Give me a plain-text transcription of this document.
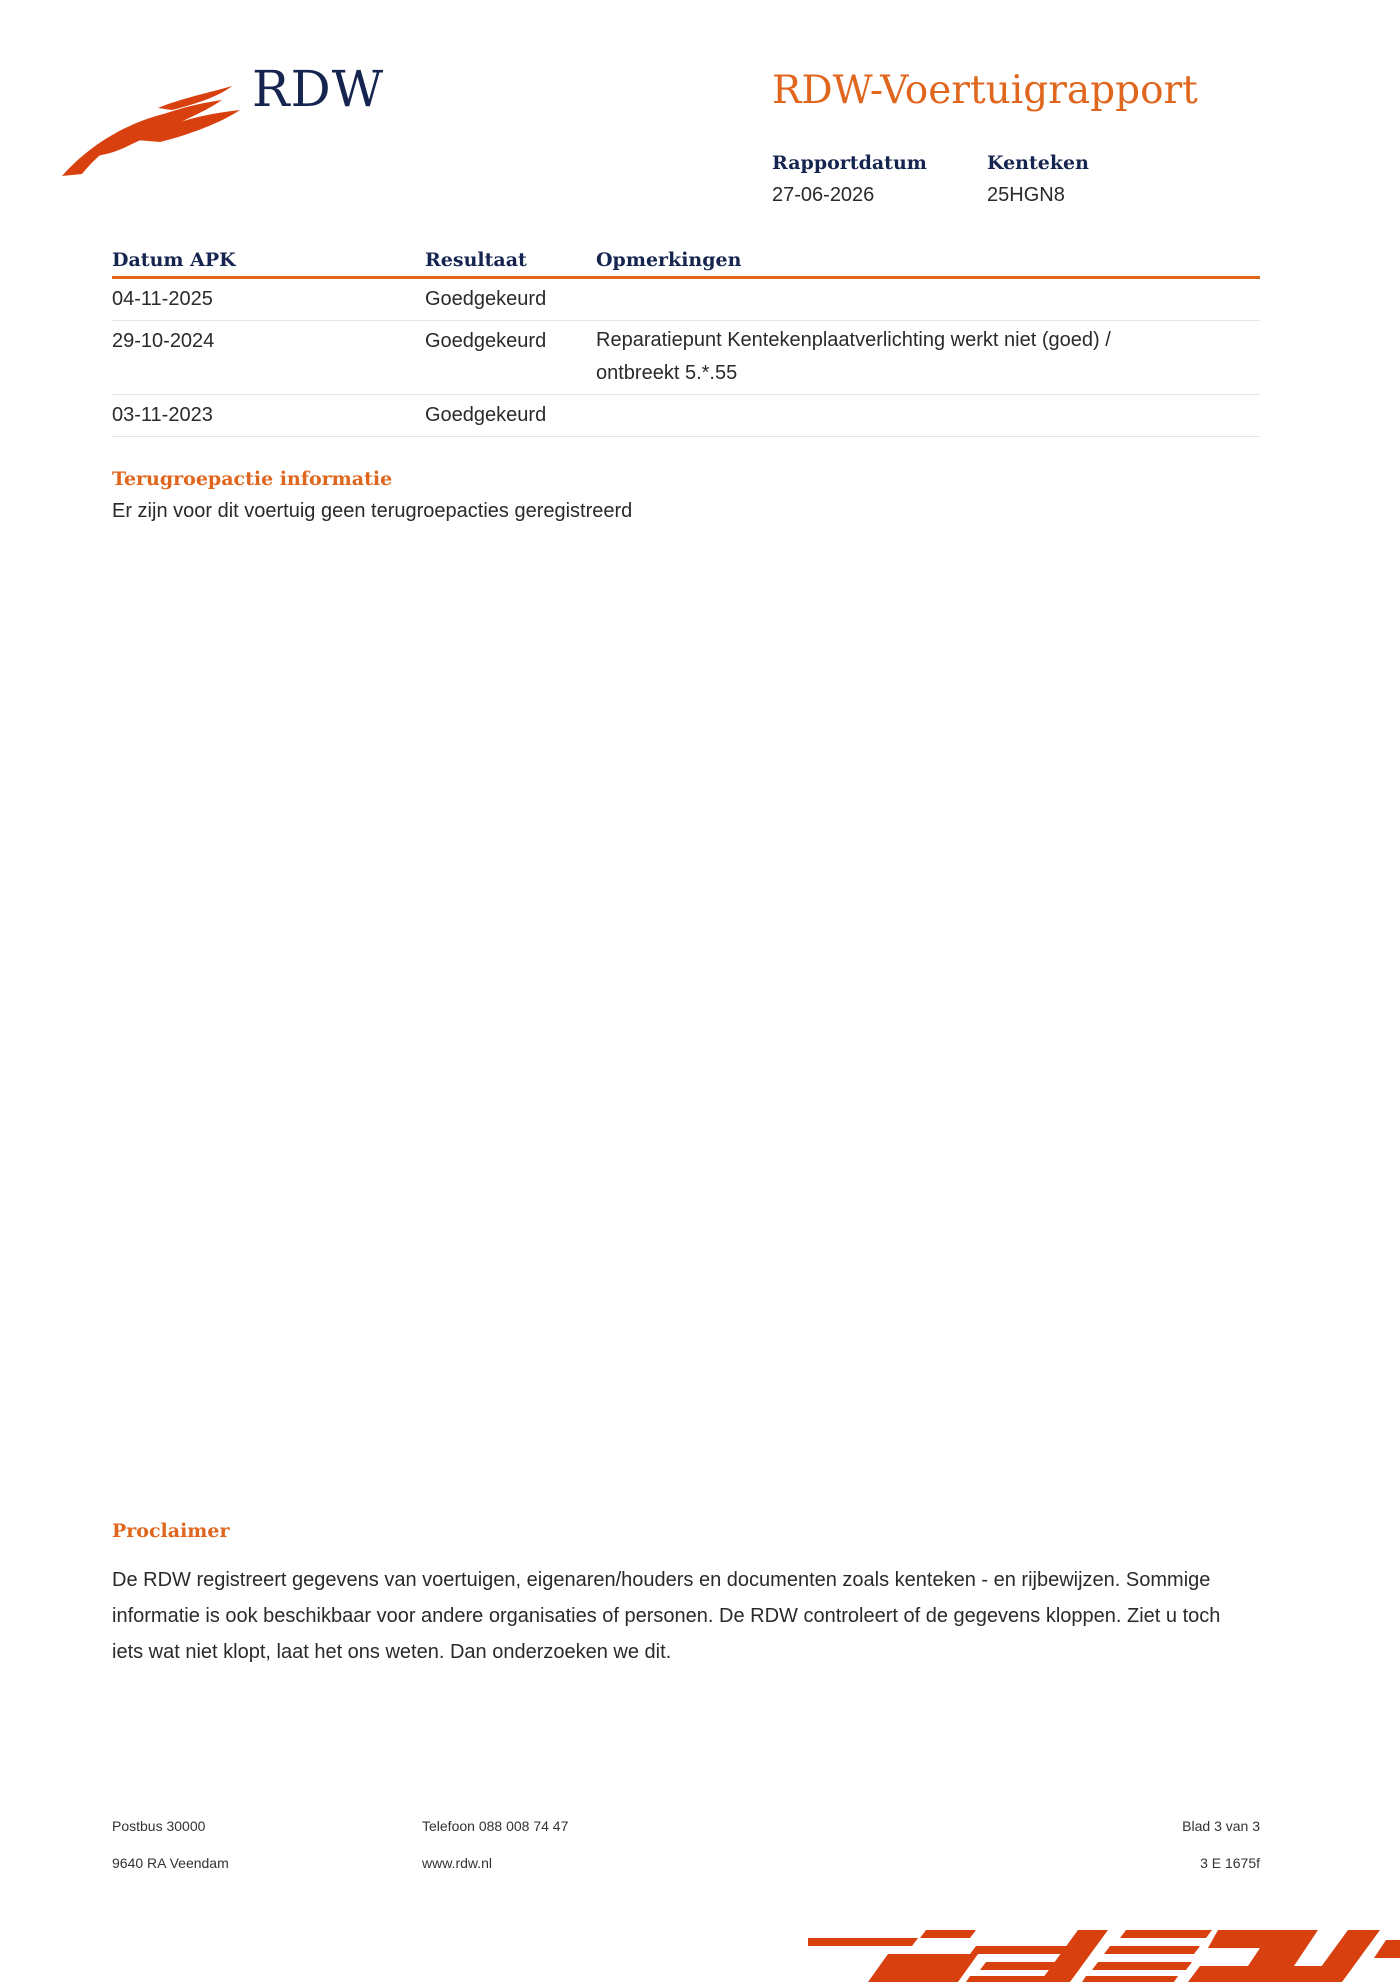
RDW	RDW-Voertuigrapport
Rapportdatum
27-06-2026
Kenteken
25HGN8
Datum APK	Resultaat	Opmerkingen
04-11-2025	Goedgekeurd	
29-10-2024	Goedgekeurd	Reparatiepunt Kentekenplaatverlichting werkt niet (goed) / ontbreekt 5.*.55
03-11-2023	Goedgekeurd	
Terugroepactie informatie
Er zijn voor dit voertuig geen terugroepacties geregistreerd
Proclaimer
De RDW registreert gegevens van voertuigen, eigenaren/houders en documenten zoals kenteken - en rijbewijzen. Sommige informatie is ook beschikbaar voor andere organisaties of personen. De RDW controleert of de gegevens kloppen. Ziet u toch iets wat niet klopt, laat het ons weten. Dan onderzoeken we dit.
Postbus 30000
9640 RA Veendam
Telefoon 088 008 74 47
www.rdw.nl
Blad 3 van 3
3 E 1675f
